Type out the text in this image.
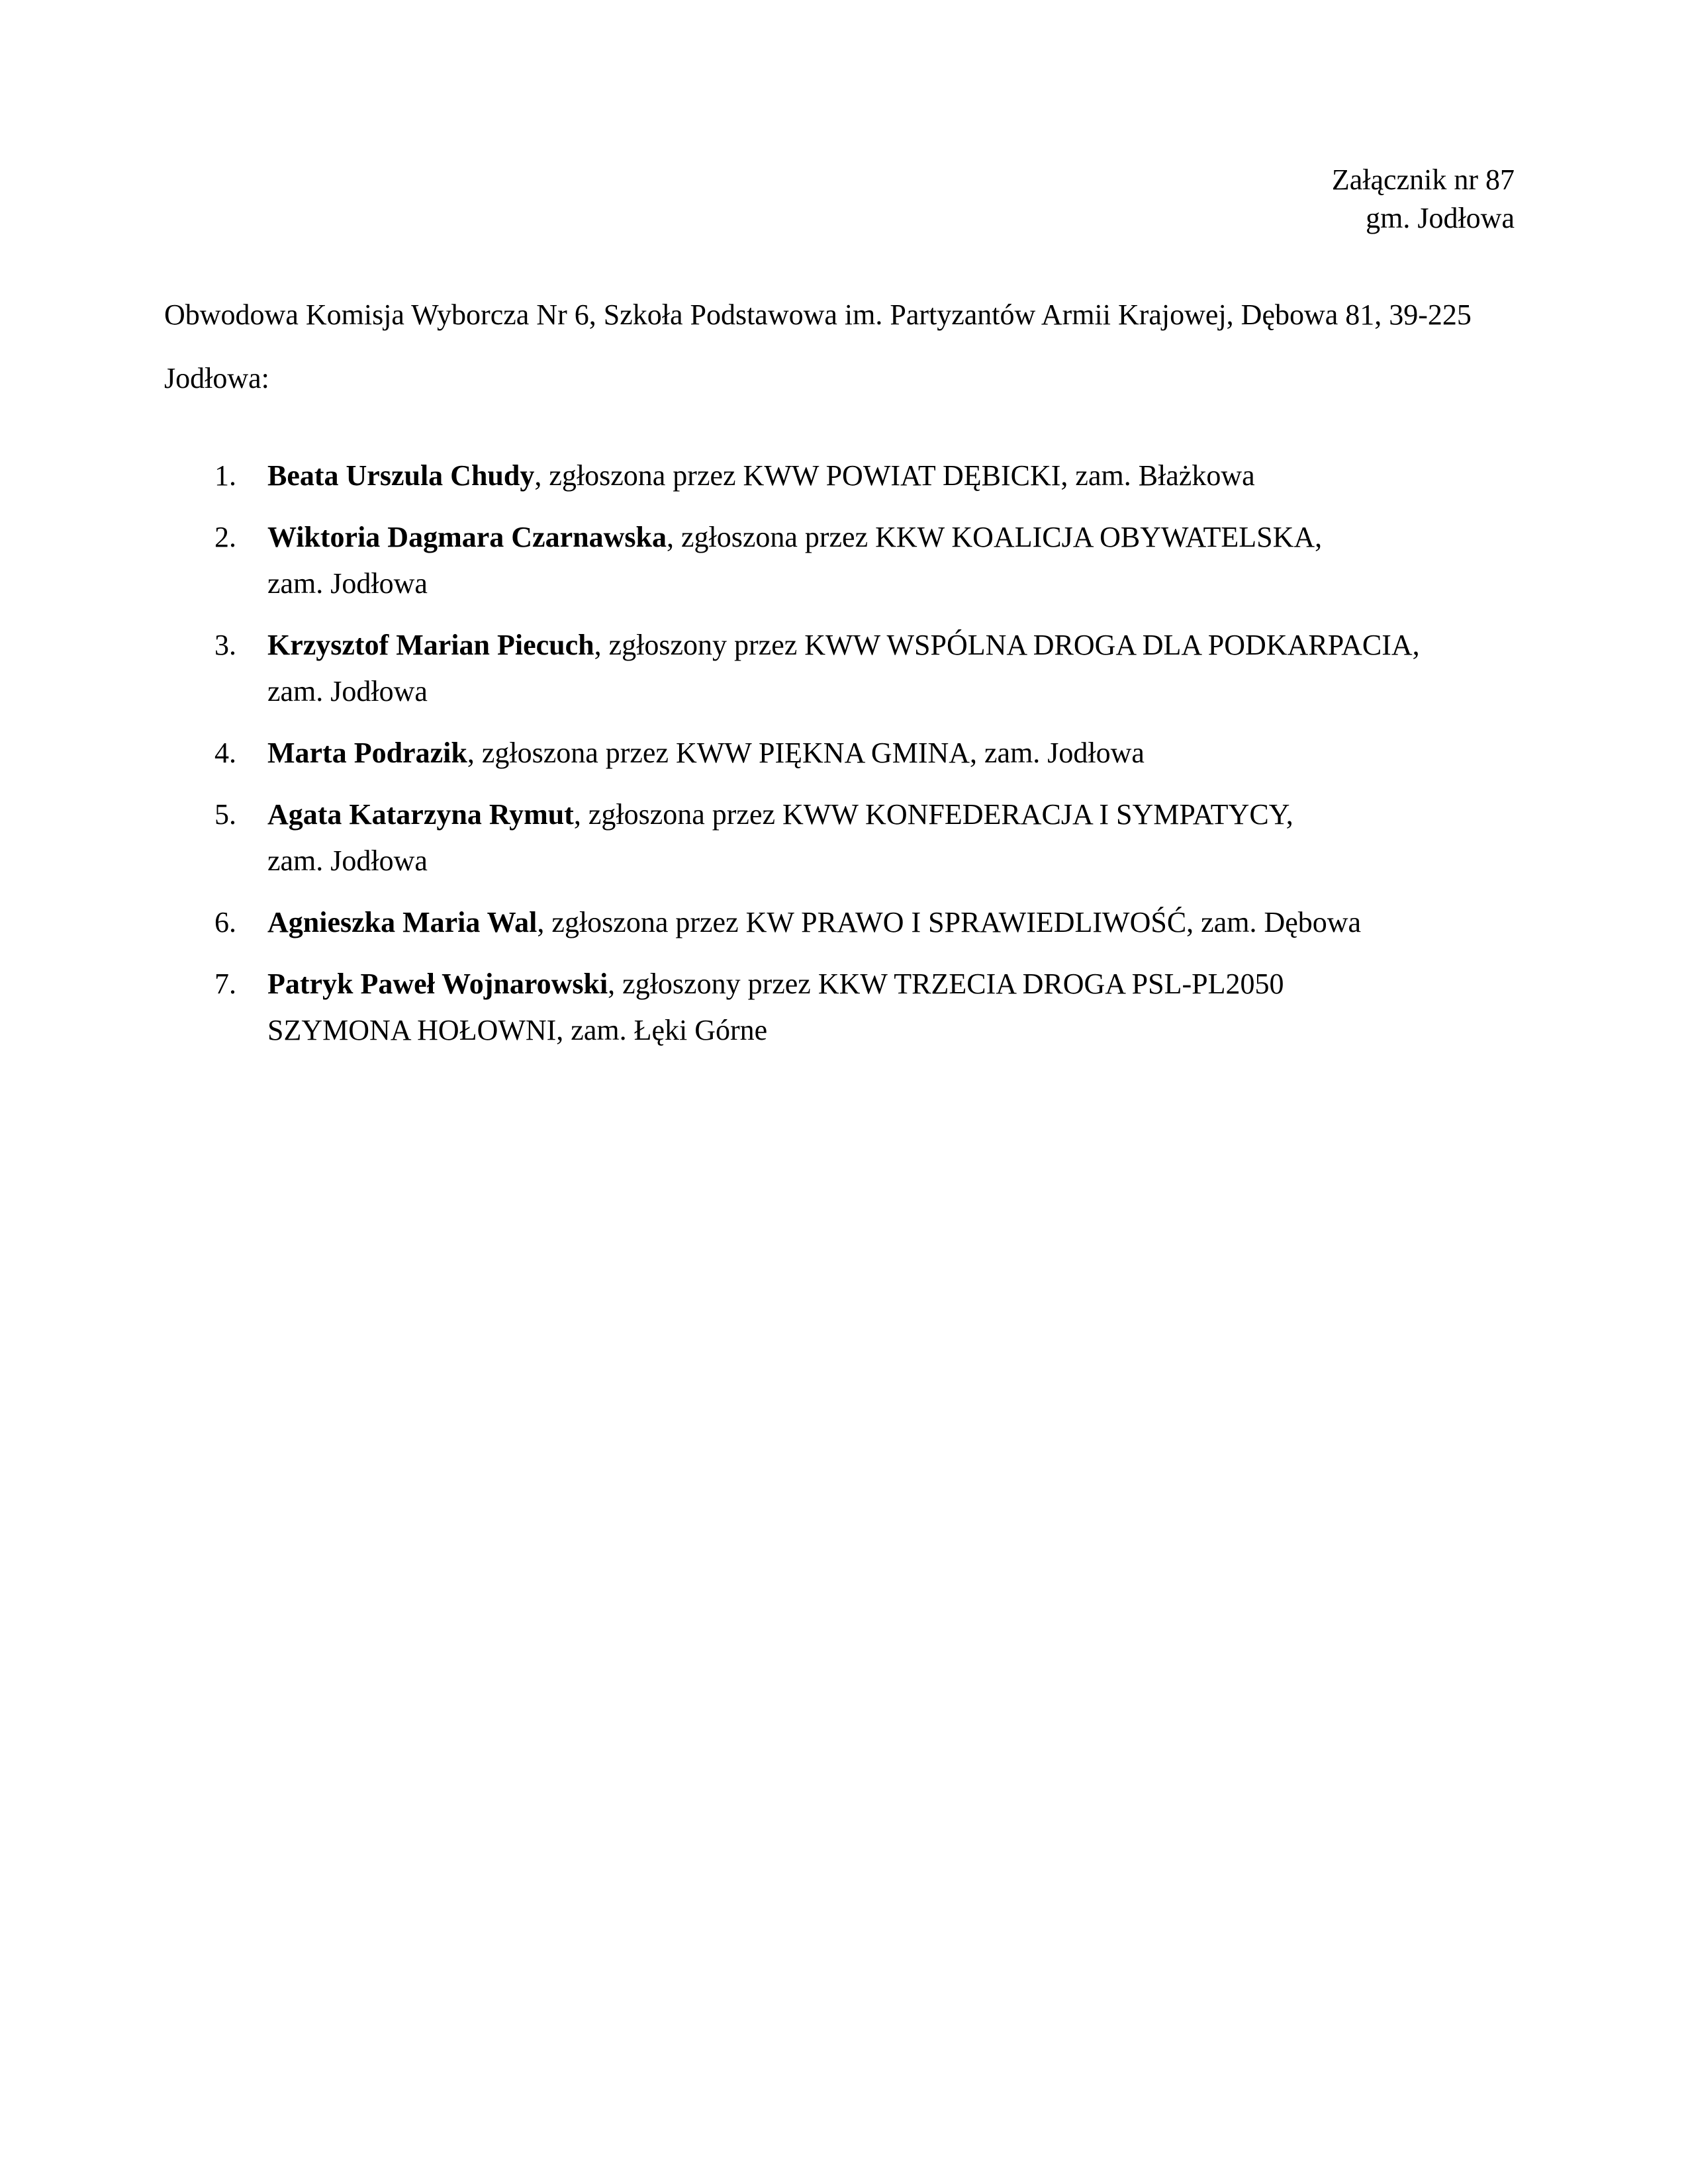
Załącznik nr 87
gm. Jodłowa

Obwodowa Komisja Wyborcza Nr 6, Szkoła Podstawowa im. Partyzantów Armii Krajowej, Dębowa 81, 39-225 Jodłowa:

1. Beata Urszula Chudy, zgłoszona przez KWW POWIAT DĘBICKI, zam. Błażkowa
2. Wiktoria Dagmara Czarnawska, zgłoszona przez KKW KOALICJA OBYWATELSKA,
zam. Jodłowa
3. Krzysztof Marian Piecuch, zgłoszony przez KWW WSPÓLNA DROGA DLA PODKARPACIA,
zam. Jodłowa
4. Marta Podrazik, zgłoszona przez KWW PIĘKNA GMINA, zam. Jodłowa
5. Agata Katarzyna Rymut, zgłoszona przez KWW KONFEDERACJA I SYMPATYCY,
zam. Jodłowa
6. Agnieszka Maria Wal, zgłoszona przez KW PRAWO I SPRAWIEDLIWOŚĆ, zam. Dębowa
7. Patryk Paweł Wojnarowski, zgłoszony przez KKW TRZECIA DROGA PSL-PL2050
SZYMONA HOŁOWNI, zam. Łęki Górne
